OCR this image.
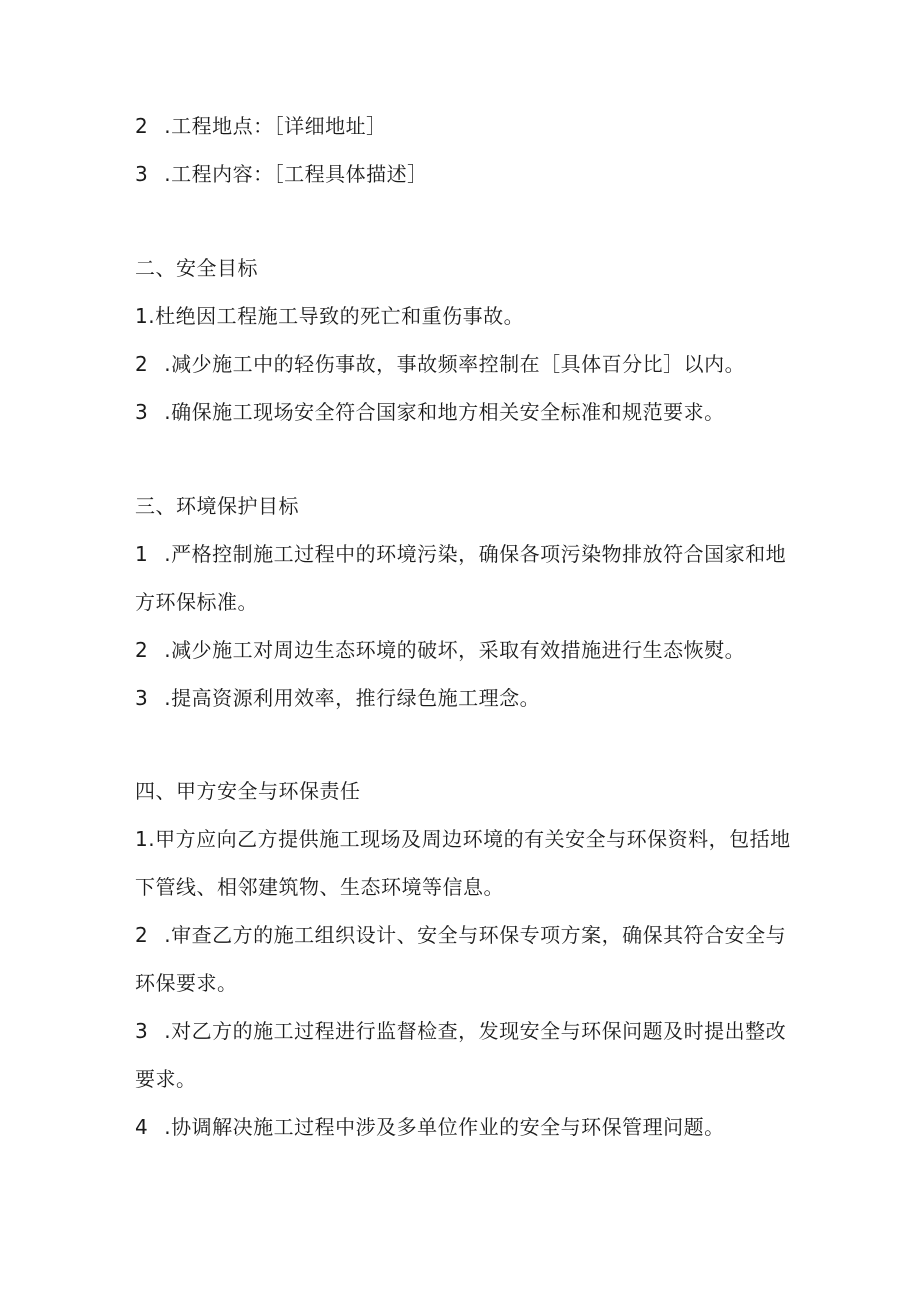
2 .工程地点：［详细地址］
3 .工程内容：［工程具体描述］
二、安全目标
1.杜绝因工程施工导致的死亡和重伤事故。
2 .减少施工中的轻伤事故，事故频率控制在［具体百分比］以内。
3 .确保施工现场安全符合国家和地方相关安全标准和规范要求。
三、环境保护目标
1 .严格控制施工过程中的环境污染，确保各项污染物排放符合国家和地
方环保标准。
2 .减少施工对周边生态环境的破坏，采取有效措施进行生态恢熨。
3 .提高资源利用效率，推行绿色施工理念。
四、甲方安全与环保责任
1.甲方应向乙方提供施工现场及周边环境的有关安全与环保资料，包括地
下管线、相邻建筑物、生态环境等信息。
2 .审查乙方的施工组织设计、安全与环保专项方案，确保其符合安全与
环保要求。
3 .对乙方的施工过程进行监督检查，发现安全与环保问题及时提出整改
要求。
4 .协调解决施工过程中涉及多单位作业的安全与环保管理问题。
